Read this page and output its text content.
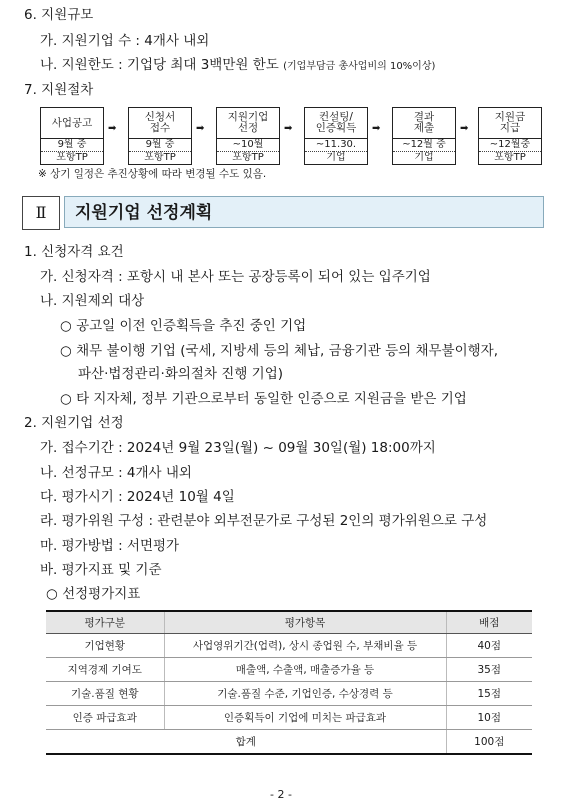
6. 지원규모
가. 지원기업 수 : 4개사 내외
나. 지원한도 : 기업당 최대 3백만원 한도 (기업부담금 총사업비의 10%이상)
7. 지원절차
사업공고
9월 중
포항TP
➡
신청서
접수
9월 중
포항TP
➡
지원기업
선정
~10월
포항TP
➡
컨설팅/
인증획득
~11.30.
기업
➡
결과
제출
~12월 중
기업
➡
지원금
지급
~12월중
포항TP
※ 상기 일정은 추진상황에 따라 변경될 수도 있음.
Ⅱ	지원기업 선정계획
1. 신청자격 요건
가. 신청자격 : 포항시 내 본사 또는 공장등록이 되어 있는 입주기업
나. 지원제외 대상
○ 공고일 이전 인증획득을 추진 중인 기업
○ 채무 불이행 기업 (국세, 지방세 등의 체납, 금융기관 등의 채무불이행자,
파산·법정관리·화의절차 진행 기업)
○ 타 지자체, 정부 기관으로부터 동일한 인증으로 지원금을 받은 기업
2. 지원기업 선정
가. 접수기간 : 2024년 9월 23일(월) ~ 09월 30일(월) 18:00까지
나. 선정규모 : 4개사 내외
다. 평가시기 : 2024년 10월 4일
라. 평가위원 구성 : 관련분야 외부전문가로 구성된 2인의 평가위원으로 구성
마. 평가방법 : 서면평가
바. 평가지표 및 기준
○ 선정평가지표
평가구분	평가항목	배점
기업현황	사업영위기간(업력), 상시 종업원 수, 부채비율 등	40점
지역경제 기여도	매출액, 수출액, 매출증가율 등	35점
기술.품질 현황	기술.품질 수준, 기업인증, 수상경력 등	15점
인증 파급효과	인증획득이 기업에 미치는 파급효과	10점
합계		100점
- 2 -
